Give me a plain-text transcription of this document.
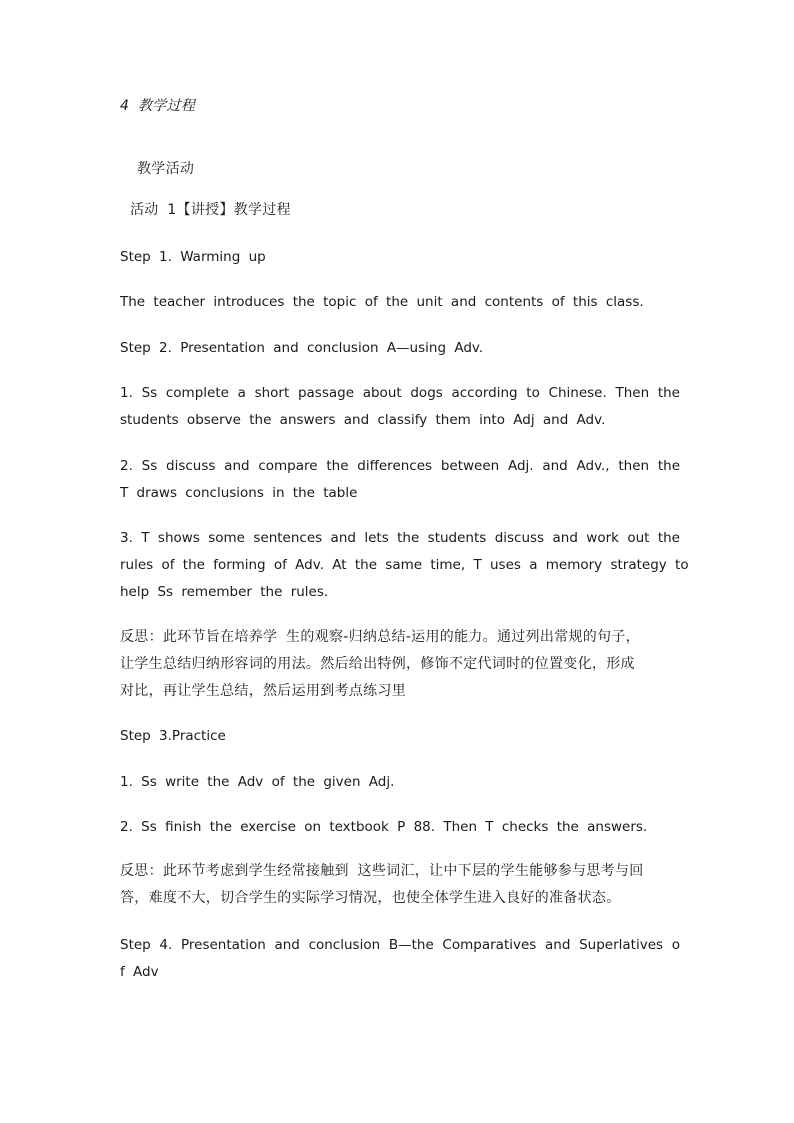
4 教学过程
教学活动
活动 1【讲授】教学过程
Step 1. Warming up
The teacher introduces the topic of the unit and contents of this class.
Step 2. Presentation and conclusion A—using Adv.
1. Ss complete a short passage about dogs according to Chinese. Then the
students observe the answers and classify them into Adj and Adv.
2. Ss discuss and compare the differences between Adj. and Adv., then the
T draws conclusions in the table
3. T shows some sentences and lets the students discuss and work out the
rules of the forming of Adv. At the same time, T uses a memory strategy to
help Ss remember the rules.
反思：此环节旨在培养学 生的观察-归纳总结-运用的能力。通过列出常规的句子，
让学生总结归纳形容词的用法。然后给出特例，修饰不定代词时的位置变化，形成
对比，再让学生总结，然后运用到考点练习里
Step 3.Practice
1. Ss write the Adv of the given Adj.
2. Ss finish the exercise on textbook P 88. Then T checks the answers.
反思：此环节考虑到学生经常接触到 这些词汇，让中下层的学生能够参与思考与回
答，难度不大，切合学生的实际学习情况，也使全体学生进入良好的准备状态。
Step 4. Presentation and conclusion B—the Comparatives and Superlatives o
f Adv
